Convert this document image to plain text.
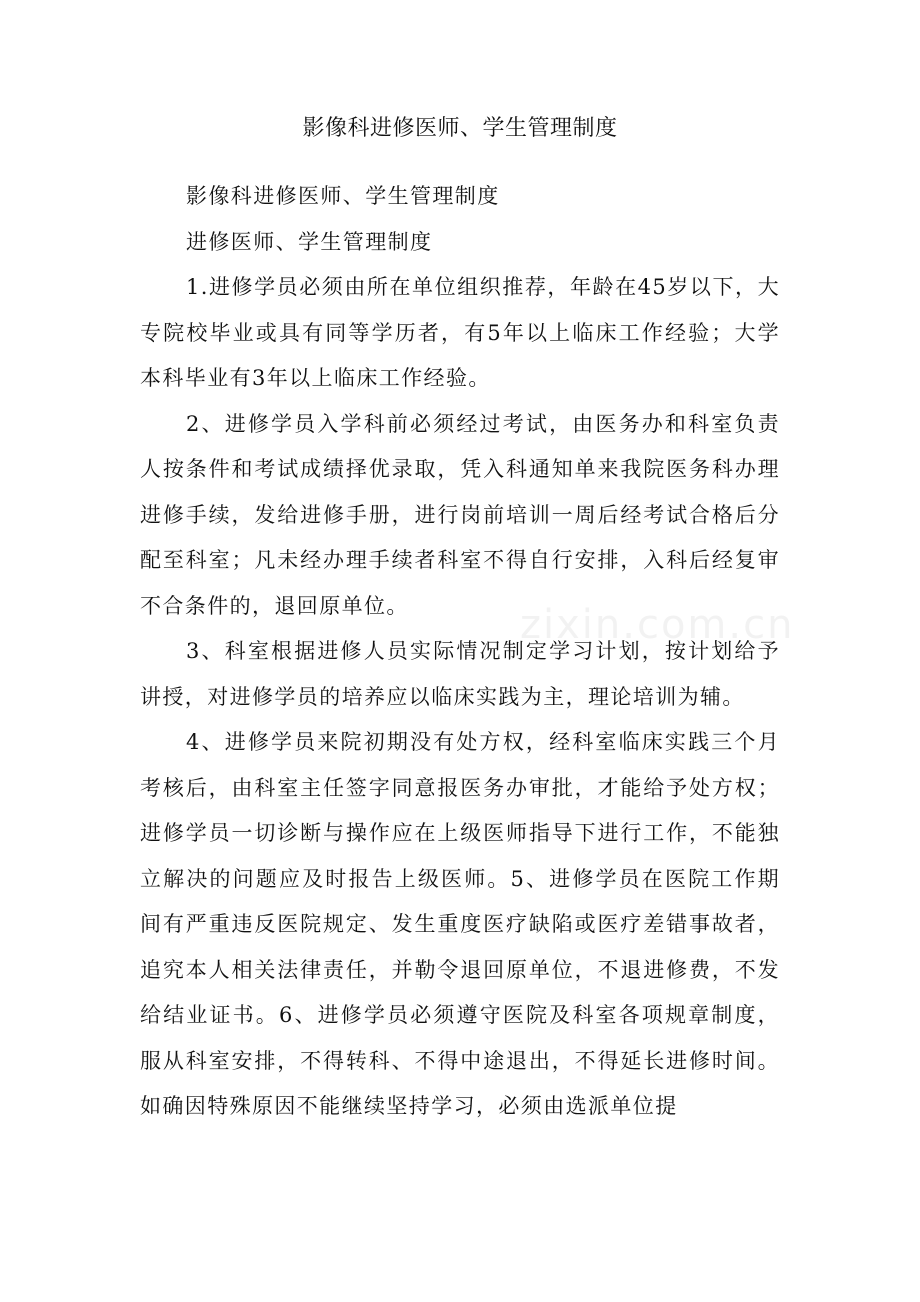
影像科进修医师、学生管理制度

影像科进修医师、学生管理制度

进修医师、学生管理制度

1.进修学员必须由所在单位组织推荐，年龄在45岁以下，大专院校毕业或具有同等学历者，有5年以上临床工作经验；大学本科毕业有3年以上临床工作经验。

2、进修学员入学科前必须经过考试，由医务办和科室负责人按条件和考试成绩择优录取，凭入科通知单来我院医务科办理进修手续，发给进修手册，进行岗前培训一周后经考试合格后分配至科室；凡未经办理手续者科室不得自行安排，入科后经复审不合条件的，退回原单位。

3、科室根据进修人员实际情况制定学习计划，按计划给予讲授，对进修学员的培养应以临床实践为主，理论培训为辅。

4、进修学员来院初期没有处方权，经科室临床实践三个月考核后，由科室主任签字同意报医务办审批，才能给予处方权；进修学员一切诊断与操作应在上级医师指导下进行工作，不能独立解决的问题应及时报告上级医师。5、进修学员在医院工作期间有严重违反医院规定、发生重度医疗缺陷或医疗差错事故者，追究本人相关法律责任，并勒令退回原单位，不退进修费，不发给结业证书。6、进修学员必须遵守医院及科室各项规章制度，服从科室安排，不得转科、不得中途退出，不得延长进修时间。如确因特殊原因不能继续坚持学习，必须由选派单位提

zixin.com.cn
